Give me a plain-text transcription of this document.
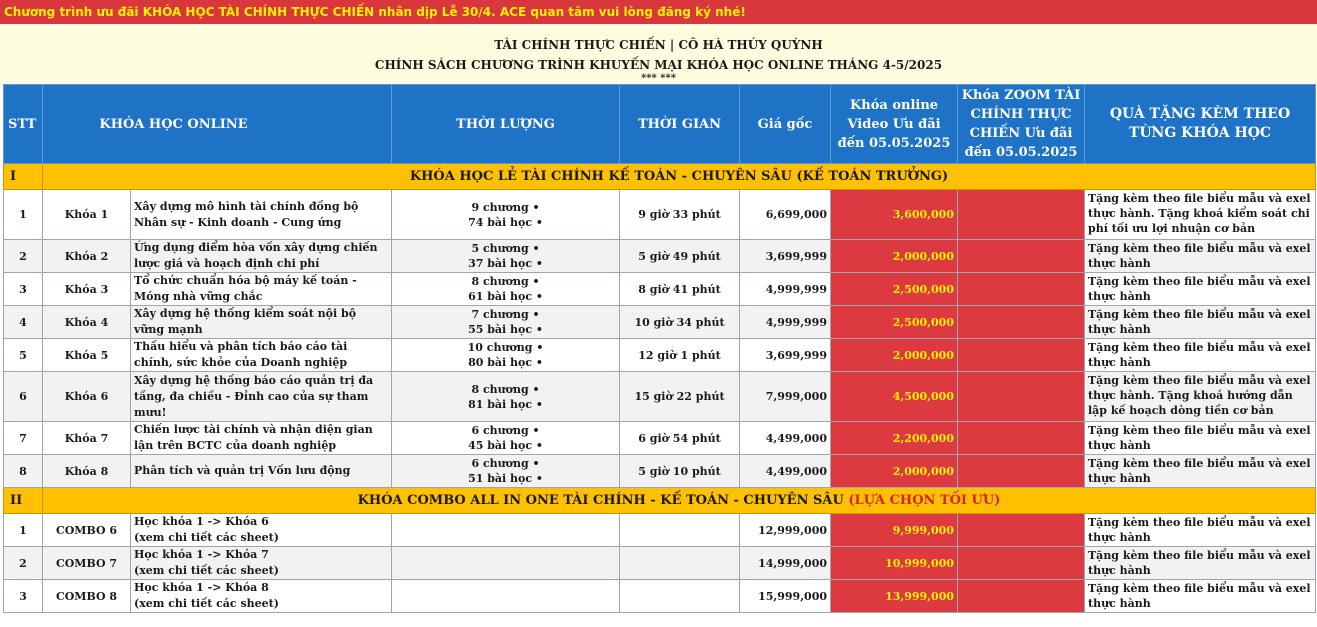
Chương trình ưu đãi KHÓA HỌC TÀI CHÍNH THỰC CHIẾN nhân dịp Lễ 30/4. ACE quan tâm vui lòng đăng ký nhé!
TÀI CHÍNH THỰC CHIẾN | CÔ HÀ THÚY QUỲNH
CHÍNH SÁCH CHƯƠNG TRÌNH KHUYẾN MẠI KHÓA HỌC ONLINE THÁNG 4-5/2025
*** ***
STT	KHÓA HỌC ONLINE		THỜI LƯỢNG	THỜI GIAN	Giá gốc	Khóa online Video Ưu đãi đến 05.05.2025	Khóa ZOOM TÀI CHÍNH THỰC CHIẾN Ưu đãi đến 05.05.2025	QUÀ TẶNG KÈM THEO TỪNG KHÓA HỌC
I	KHÓA HỌC LẺ TÀI CHÍNH KẾ TOÁN - CHUYÊN SÂU (KẾ TOÁN TRƯỞNG)							
1	Khóa 1	Xây dựng mô hình tài chính đồng bộ Nhân sự - Kinh doanh - Cung ứng	9 chương •
74 bài học •	9 giờ 33 phút	6,699,000	3,600,000		Tặng kèm theo file biểu mẫu và exel thực hành. Tặng khoá kiểm soát chi phí tối ưu lợi nhuận cơ bản
2	Khóa 2	Ứng dụng điểm hòa vốn xây dựng chiến lược giá và hoạch định chi phí	5 chương •
37 bài học •	5 giờ 49 phút	3,699,999	2,000,000		Tặng kèm theo file biểu mẫu và exel thực hành
3	Khóa 3	Tổ chức chuẩn hóa bộ máy kế toán - Móng nhà vững chắc	8 chương •
61 bài học •	8 giờ 41 phút	4,999,999	2,500,000		Tặng kèm theo file biểu mẫu và exel thực hành
4	Khóa 4	Xây dựng hệ thống kiểm soát nội bộ vững mạnh	7 chương •
55 bài học •	10 giờ 34 phút	4,999,999	2,500,000		Tặng kèm theo file biểu mẫu và exel thực hành
5	Khóa 5	Thấu hiểu và phân tích báo cáo tài chính, sức khỏe của Doanh nghiệp	10 chương •
80 bài học •	12 giờ 1 phút	3,699,999	2,000,000		Tặng kèm theo file biểu mẫu và exel thực hành
6	Khóa 6	Xây dựng hệ thống báo cáo quản trị đa tầng, đa chiều - Đỉnh cao của sự tham mưu!	8 chương •
81 bài học •	15 giờ 22 phút	7,999,000	4,500,000		Tặng kèm theo file biểu mẫu và exel thực hành. Tặng khoá hướng dẫn lập kế hoạch dòng tiền cơ bản
7	Khóa 7	Chiến lược tài chính và nhận diện gian lận trên BCTC của doanh nghiệp	6 chương •
45 bài học •	6 giờ 54 phút	4,499,000	2,200,000		Tặng kèm theo file biểu mẫu và exel thực hành
8	Khóa 8	Phân tích và quản trị Vốn lưu động	6 chương •
51 bài học •	5 giờ 10 phút	4,499,000	2,000,000		Tặng kèm theo file biểu mẫu và exel thực hành
II	KHÓA COMBO ALL IN ONE TÀI CHÍNH - KẾ TOÁN - CHUYÊN SÂU (LỰA CHỌN TỐI ƯU)							
1	COMBO 6	Học khóa 1 -> Khóa 6
(xem chi tiết các sheet)			12,999,000	9,999,000		Tặng kèm theo file biểu mẫu và exel thực hành
2	COMBO 7	Học khóa 1 -> Khóa 7
(xem chi tiết các sheet)			14,999,000	10,999,000		Tặng kèm theo file biểu mẫu và exel thực hành
3	COMBO 8	Học khóa 1 -> Khóa 8
(xem chi tiết các sheet)			15,999,000	13,999,000		Tặng kèm theo file biểu mẫu và exel thực hành
